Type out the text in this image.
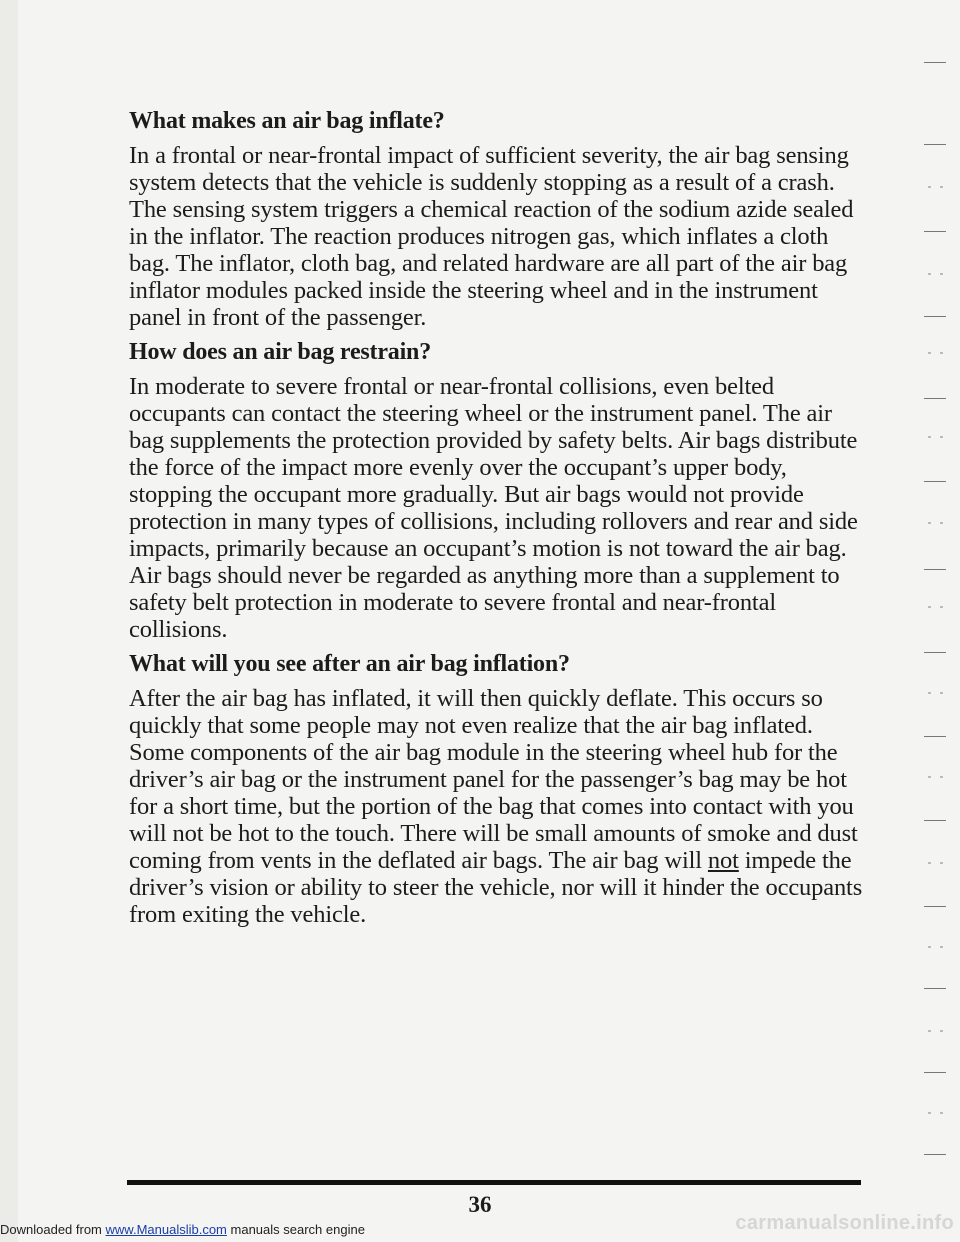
What makes an air bag inflate?

In a frontal or near-frontal impact of sufficient severity, the air bag sensing system detects that the vehicle is suddenly stopping as a result of a crash. The sensing system triggers a chemical reaction of the sodium azide sealed in the inflator. The reaction produces nitrogen gas, which inflates a cloth bag. The inflator, cloth bag, and related hardware are all part of the air bag inflator modules packed inside the steering wheel and in the instrument panel in front of the passenger.

How does an air bag restrain?

In moderate to severe frontal or near-frontal collisions, even belted occupants can contact the steering wheel or the instrument panel. The air bag supplements the protection provided by safety belts. Air bags distribute the force of the impact more evenly over the occupant’s upper body, stopping the occupant more gradually. But air bags would not provide protection in many types of collisions, including rollovers and rear and side impacts, primarily because an occupant’s motion is not toward the air bag. Air bags should never be regarded as anything more than a supplement to safety belt protection in moderate to severe frontal and near-frontal collisions.

What will you see after an air bag inflation?

After the air bag has inflated, it will then quickly deflate. This occurs so quickly that some people may not even realize that the air bag inflated. Some components of the air bag module in the steering wheel hub for the driver’s air bag or the instrument panel for the passenger’s bag may be hot for a short time, but the portion of the bag that comes into contact with you will not be hot to the touch. There will be small amounts of smoke and dust coming from vents in the deflated air bags. The air bag will not impede the driver’s vision or ability to steer the vehicle, nor will it hinder the occupants from exiting the vehicle.

36
Downloaded from www.Manualslib.com manuals search engine	carmanualsonline.info
